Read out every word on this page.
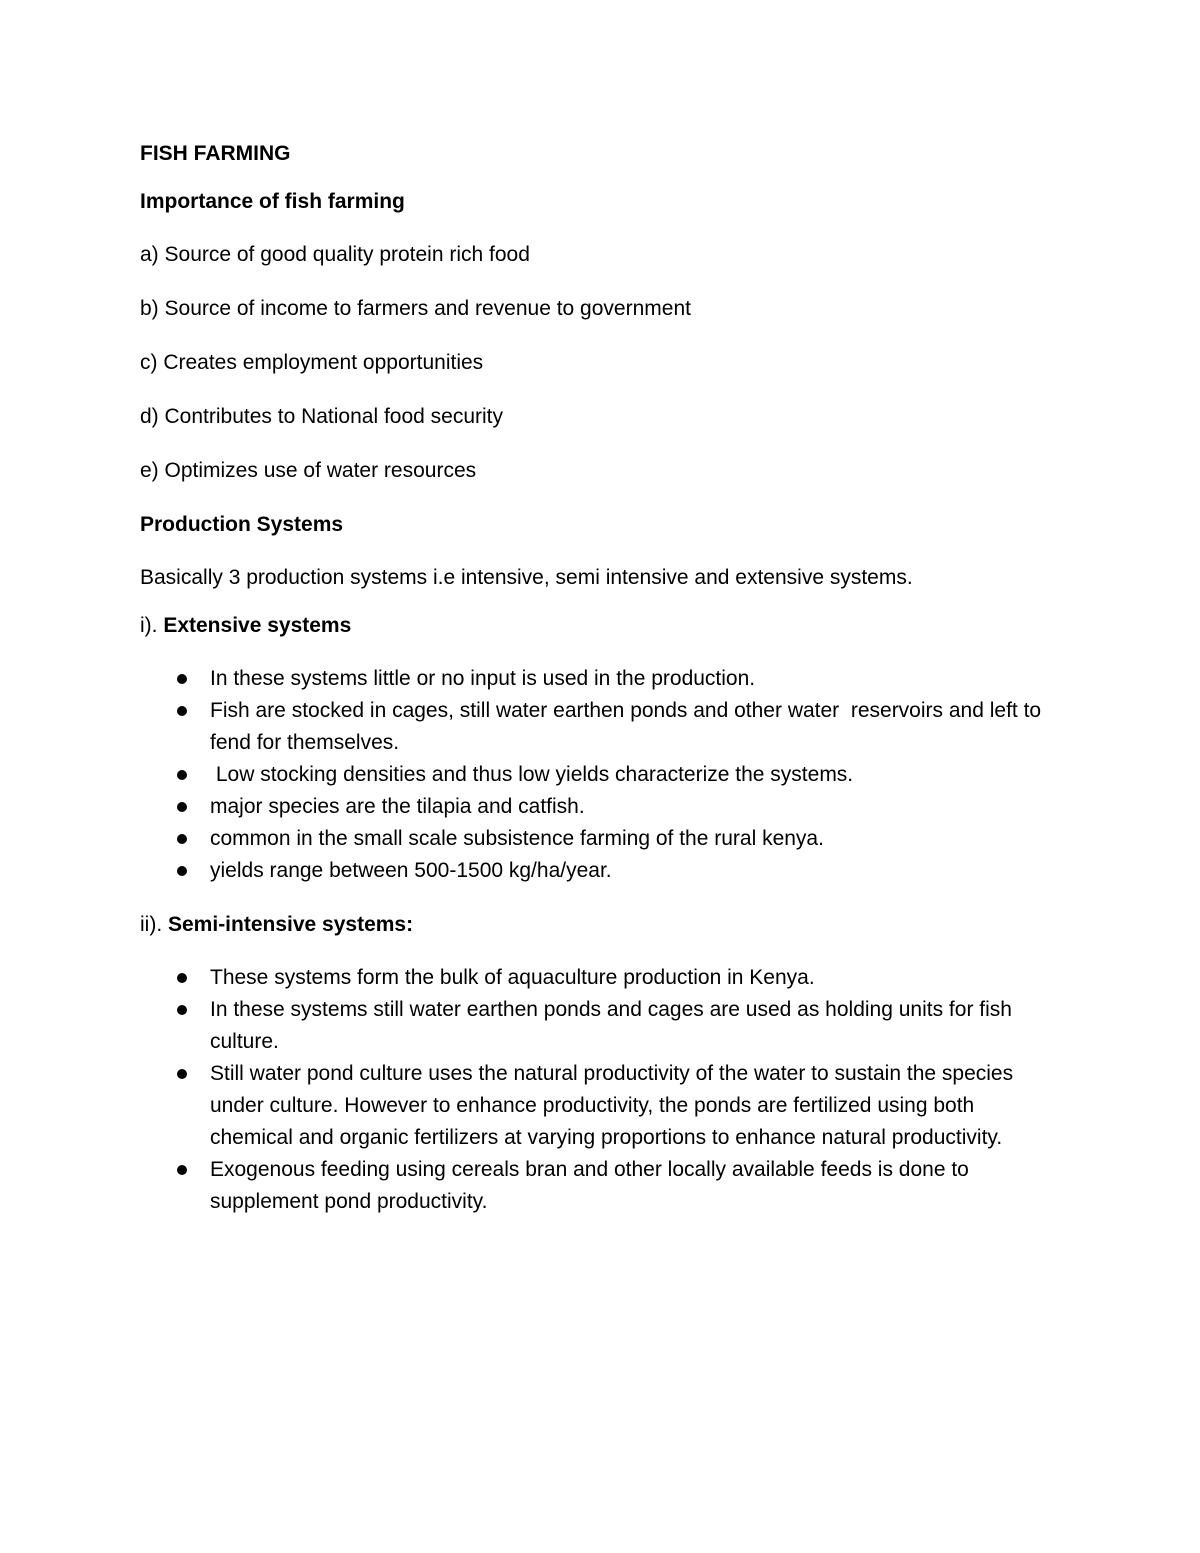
FISH FARMING
Importance of fish farming
a) Source of good quality protein rich food
b) Source of income to farmers and revenue to government
c) Creates employment opportunities
d) Contributes to National food security
e) Optimizes use of water resources
Production Systems
Basically 3 production systems i.e intensive, semi intensive and extensive systems.
i). Extensive systems
In these systems little or no input is used in the production.
Fish are stocked in cages, still water earthen ponds and other water  reservoirs and left to fend for themselves.
Low stocking densities and thus low yields characterize the systems.
major species are the tilapia and catfish.
common in the small scale subsistence farming of the rural kenya.
yields range between 500-1500 kg/ha/year.
ii). Semi-intensive systems:
These systems form the bulk of aquaculture production in Kenya.
In these systems still water earthen ponds and cages are used as holding units for fish culture.
Still water pond culture uses the natural productivity of the water to sustain the species under culture. However to enhance productivity, the ponds are fertilized using both chemical and organic fertilizers at varying proportions to enhance natural productivity.
Exogenous feeding using cereals bran and other locally available feeds is done to supplement pond productivity.
